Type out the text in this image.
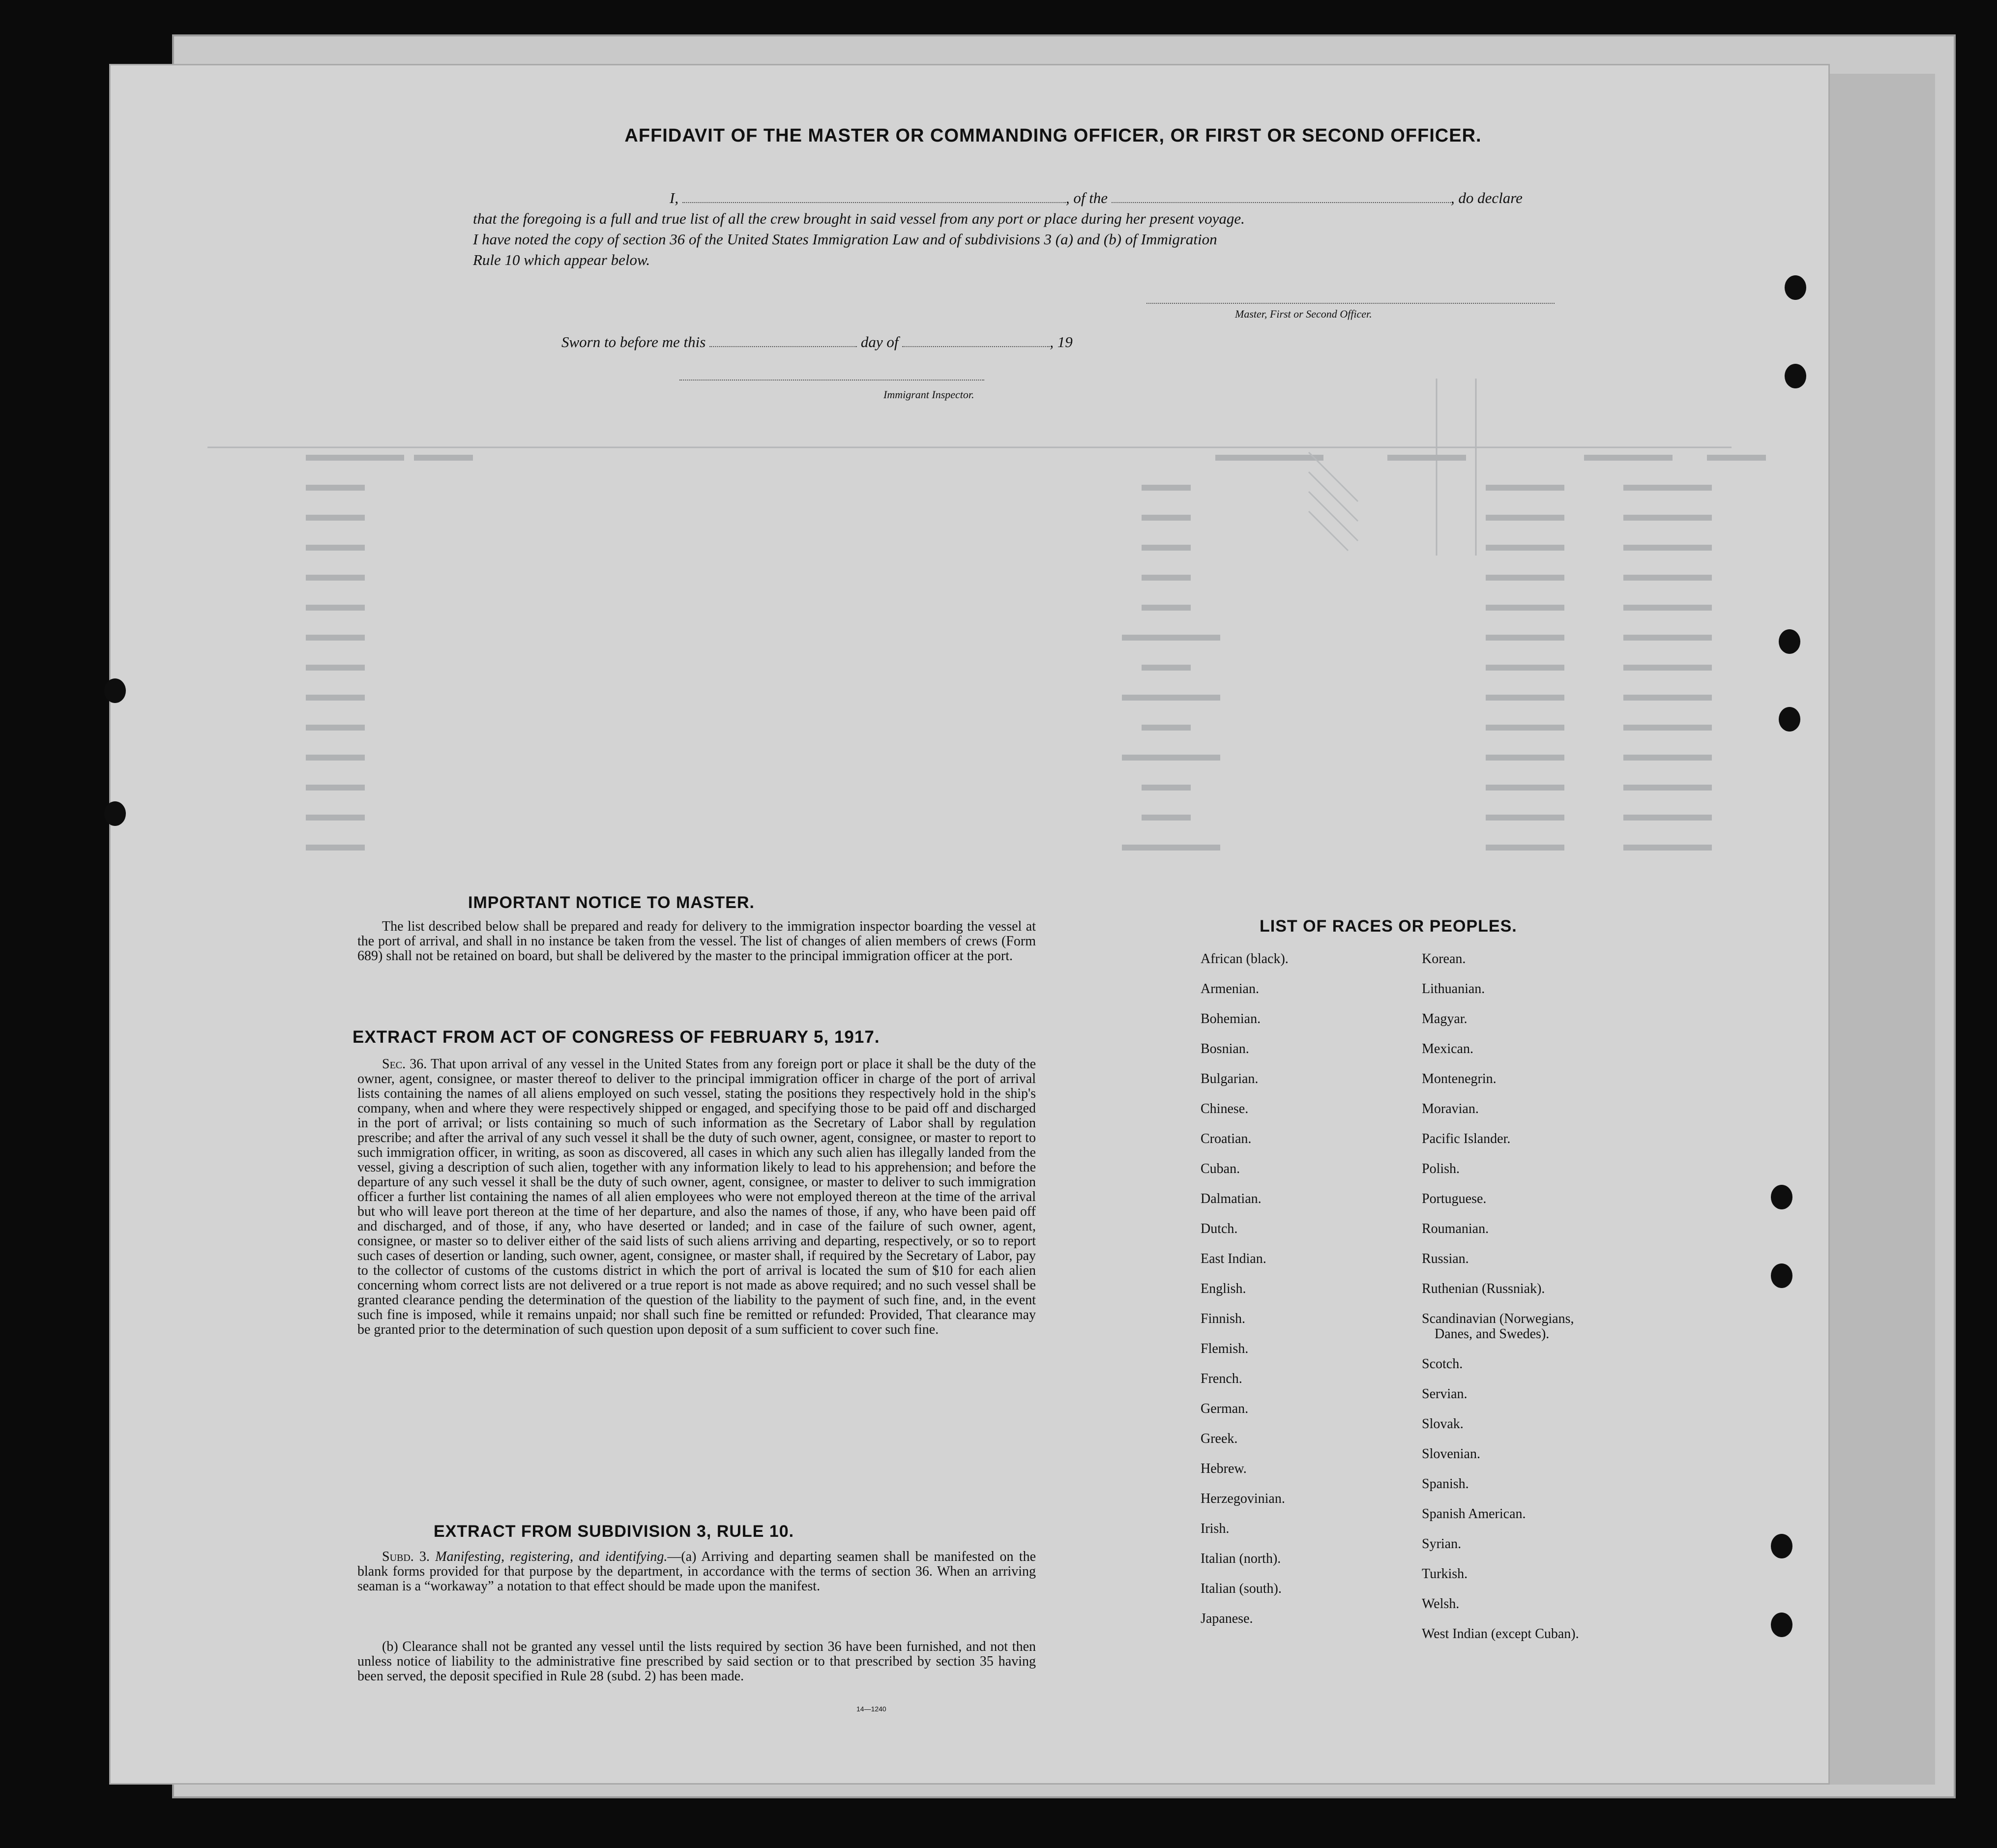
AFFIDAVIT OF THE MASTER OR COMMANDING OFFICER, OR FIRST OR SECOND OFFICER.
I,	, of the	, do declare
that the foregoing is a full and true list of all the crew brought in said vessel from any port or place during her present voyage.
I have noted the copy of section 36 of the United States Immigration Law and of subdivisions 3 (a) and (b) of Immigration
Rule 10 which appear below.
Master, First or Second Officer.
Sworn to before me this	day of	, 19
Immigrant Inspector.
IMPORTANT NOTICE TO MASTER.
The list described below shall be prepared and ready for delivery to the immigration inspector boarding the vessel at the port of arrival, and shall in no instance be taken from the vessel. The list of changes of alien members of crews (Form 689) shall not be retained on board, but shall be delivered by the master to the principal immigration officer at the port.
EXTRACT FROM ACT OF CONGRESS OF FEBRUARY 5, 1917.
Sec. 36. That upon arrival of any vessel in the United States from any foreign port or place it shall be the duty of the owner, agent, consignee, or master thereof to deliver to the principal immigration officer in charge of the port of arrival lists containing the names of all aliens employed on such vessel, stating the positions they respectively hold in the ship's company, when and where they were respectively shipped or engaged, and specifying those to be paid off and discharged in the port of arrival; or lists containing so much of such information as the Secretary of Labor shall by regulation prescribe; and after the arrival of any such vessel it shall be the duty of such owner, agent, consignee, or master to report to such immigration officer, in writing, as soon as discovered, all cases in which any such alien has illegally landed from the vessel, giving a description of such alien, together with any information likely to lead to his apprehension; and before the departure of any such vessel it shall be the duty of such owner, agent, consignee, or master to deliver to such immigration officer a further list containing the names of all alien employees who were not employed thereon at the time of the arrival but who will leave port thereon at the time of her departure, and also the names of those, if any, who have been paid off and discharged, and of those, if any, who have deserted or landed; and in case of the failure of such owner, agent, consignee, or master so to deliver either of the said lists of such aliens arriving and departing, respectively, or so to report such cases of desertion or landing, such owner, agent, consignee, or master shall, if required by the Secretary of Labor, pay to the collector of customs of the customs district in which the port of arrival is located the sum of $10 for each alien concerning whom correct lists are not delivered or a true report is not made as above required; and no such vessel shall be granted clearance pending the determination of the question of the liability to the payment of such fine, and, in the event such fine is imposed, while it remains unpaid; nor shall such fine be remitted or refunded: Provided, That clearance may be granted prior to the determination of such question upon deposit of a sum sufficient to cover such fine.
EXTRACT FROM SUBDIVISION 3, RULE 10.
Subd. 3. Manifesting, registering, and identifying.—(a) Arriving and departing seamen shall be manifested on the blank forms provided for that purpose by the department, in accordance with the terms of section 36. When an arriving seaman is a “workaway” a notation to that effect should be made upon the manifest.
(b) Clearance shall not be granted any vessel until the lists required by section 36 have been furnished, and not then unless notice of liability to the administrative fine prescribed by said section or to that prescribed by section 35 having been served, the deposit specified in Rule 28 (subd. 2) has been made.
14—1240
LIST OF RACES OR PEOPLES.
African (black).
Armenian.
Bohemian.
Bosnian.
Bulgarian.
Chinese.
Croatian.
Cuban.
Dalmatian.
Dutch.
East Indian.
English.
Finnish.
Flemish.
French.
German.
Greek.
Hebrew.
Herzegovinian.
Irish.
Italian (north).
Italian (south).
Japanese.
Korean.
Lithuanian.
Magyar.
Mexican.
Montenegrin.
Moravian.
Pacific Islander.
Polish.
Portuguese.
Roumanian.
Russian.
Ruthenian (Russniak).
Scandinavian (Norwegians,
Danes, and Swedes).
Scotch.
Servian.
Slovak.
Slovenian.
Spanish.
Spanish American.
Syrian.
Turkish.
Welsh.
West Indian (except Cuban).
